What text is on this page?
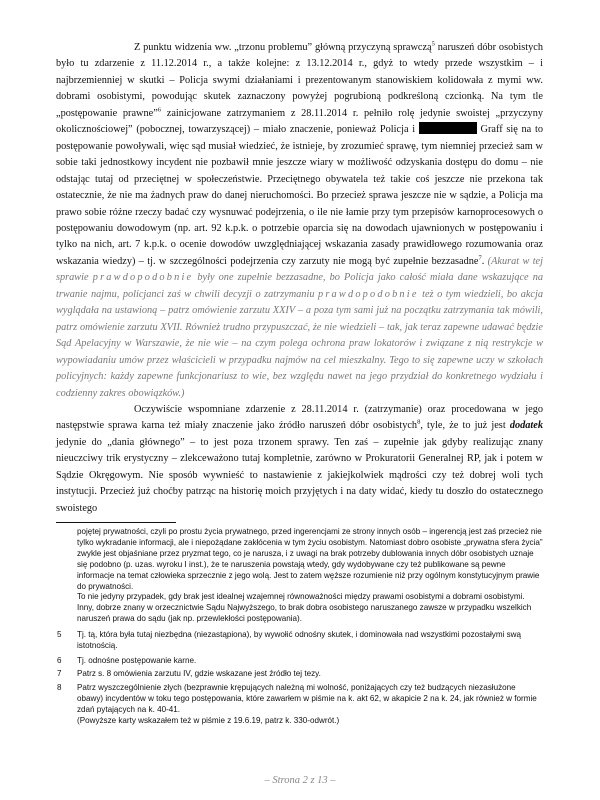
Z punktu widzenia ww. „trzonu problemu” główną przyczyną sprawczą$^5$ naruszeń dóbr osobistych było tu zdarzenie z 11.12.2014 r., a także kolejne: z 13.12.2014 r., gdyż to wtedy przede wszystkim – i najbrzemienniej w skutki – Policja swymi działaniami i prezentowanym stanowiskiem kolidowała z mymi ww. dobrami osobistymi, powodując skutek zaznaczony powyżej pogrubioną podkreśloną czcionką. Na tym tle „postępowanie prawne”$^6$ zainicjowane zatrzymaniem z 28.11.2014 r. pełniło rolę jedynie swoistej „przyczyny okolicznościowej” (pobocznej, towarzyszącej) – miało znaczenie, ponieważ Policja i	Graff się na to postępowanie powoływali, więc sąd musiał wiedzieć, że istnieje, by zrozumieć sprawę, tym niemniej przecież sam w sobie taki jednostkowy incydent nie pozbawił mnie jeszcze wiary w możliwość odzyskania dostępu do domu – nie odstając tutaj od przeciętnej w społeczeństwie. Przeciętnego obywatela też takie coś jeszcze nie przekona tak ostatecznie, że nie ma żadnych praw do danej nieruchomości. Bo przecież sprawa jeszcze nie w sądzie, a Policja ma prawo sobie różne rzeczy badać czy wysnuwać podejrzenia, o ile nie łamie przy tym przepisów karnoprocesowych o postępowaniu dowodowym (np. art. 92 k.p.k. o potrzebie oparcia się na dowodach ujawnionych w postępowaniu i tylko na nich, art. 7 k.p.k. o ocenie dowodów uwzględniającej wskazania zasady prawidłowego rozumowania oraz wskazania wiedzy) – tj. w szczególności podejrzenia czy zarzuty nie mogą być zupełnie bezzasadne$^7$. (Akurat w tej sprawie prawdopodobnie były one zupełnie bezzasadne, bo Policja jako całość miała dane wskazujące na trwanie najmu, policjanci zaś w chwili decyzji o zatrzymaniu prawdopodobnie też o tym wiedzieli, bo akcja wyglądała na ustawioną – patrz omówienie zarzutu XXIV – a poza tym sami już na początku zatrzymania tak mówili, patrz omówienie zarzutu XVII. Również trudno przypuszczać, że nie wiedzieli – tak, jak teraz zapewne udawać będzie Sąd Apelacyjny w Warszawie, że nie wie – na czym polega ochrona praw lokatorów i związane z nią restrykcje w wypowiadaniu umów przez właścicieli w przypadku najmów na cel mieszkalny. Tego to się zapewne uczy w szkołach policyjnych: każdy zapewne funkcjonariusz to wie, bez względu nawet na jego przydział do konkretnego wydziału i codzienny zakres obowiązków.)

Oczywiście wspomniane zdarzenie z 28.11.2014 r. (zatrzymanie) oraz procedowana w jego następstwie sprawa karna też miały znaczenie jako źródło naruszeń dóbr osobistych$^8$, tyle, że to już jest dodatek jedynie do „dania głównego” – to jest poza trzonem sprawy. Ten zaś – zupełnie jak gdyby realizując znany nieuczciwy trik erystyczny – zlekceważono tutaj kompletnie, zarówno w Prokuratorii Generalnej RP, jak i potem w Sądzie Okręgowym. Nie sposób wywnieść to nastawienie z jakiejkolwiek mądrości czy też dobrej woli tych instytucji. Przecież już choćby patrząc na historię moich przyjętych i na daty widać, kiedy tu doszło do ostatecznego swoistego

pojętej prywatności, czyli po prostu życia prywatnego, przed ingerencjami ze strony innych osób – ingerencją jest zaś przecież nie tylko wykradanie informacji, ale i niepożądane zakłócenia w tym życiu osobistym. Natomiast dobro osobiste „prywatna sfera życia” zwykle jest objaśniane przez pryzmat tego, co je narusza, i z uwagi na brak potrzeby dublowania innych dóbr osobistych uznaje się podobno (p. uzas. wyroku I inst.), że te naruszenia powstają wtedy, gdy wydobywane czy też publikowane są pewne informacje na temat człowieka sprzecznie z jego wolą. Jest to zatem węższe rozumienie niż przy ogólnym konstytucyjnym prawie do prywatności.
To nie jedyny przypadek, gdy brak jest idealnej wzajemnej równoważności między prawami osobistymi a dobrami osobistymi. Inny, dobrze znany w orzecznictwie Sądu Najwyższego, to brak dobra osobistego naruszanego zawsze w przypadku wszelkich naruszeń prawa do sądu (jak np. przewlekłości postępowania).
5 Tj. tą, która była tutaj niezbędna (niezastąpiona), by wywołić odnośny skutek, i dominowała nad wszystkimi pozostałymi swą istotnością.
6 Tj. odnośne postępowanie karne.
7 Patrz s. 8 omówienia zarzutu IV, gdzie wskazane jest źródło tej tezy.
8 Patrz wyszczególnienie złych (bezprawnie krępujących należną mi wolność, poniżających czy też budzących niezasłużone obawy) incydentów w toku tego postępowania, które zawarłem w piśmie na k. akt 62, w akapicie 2 na k. 24, jak również w formie zdań pytających na k. 40-41.
(Powyższe karty wskazałem też w piśmie z 19.6.19, patrz k. 330-odwrót.)
– Strona 2 z 13 –
